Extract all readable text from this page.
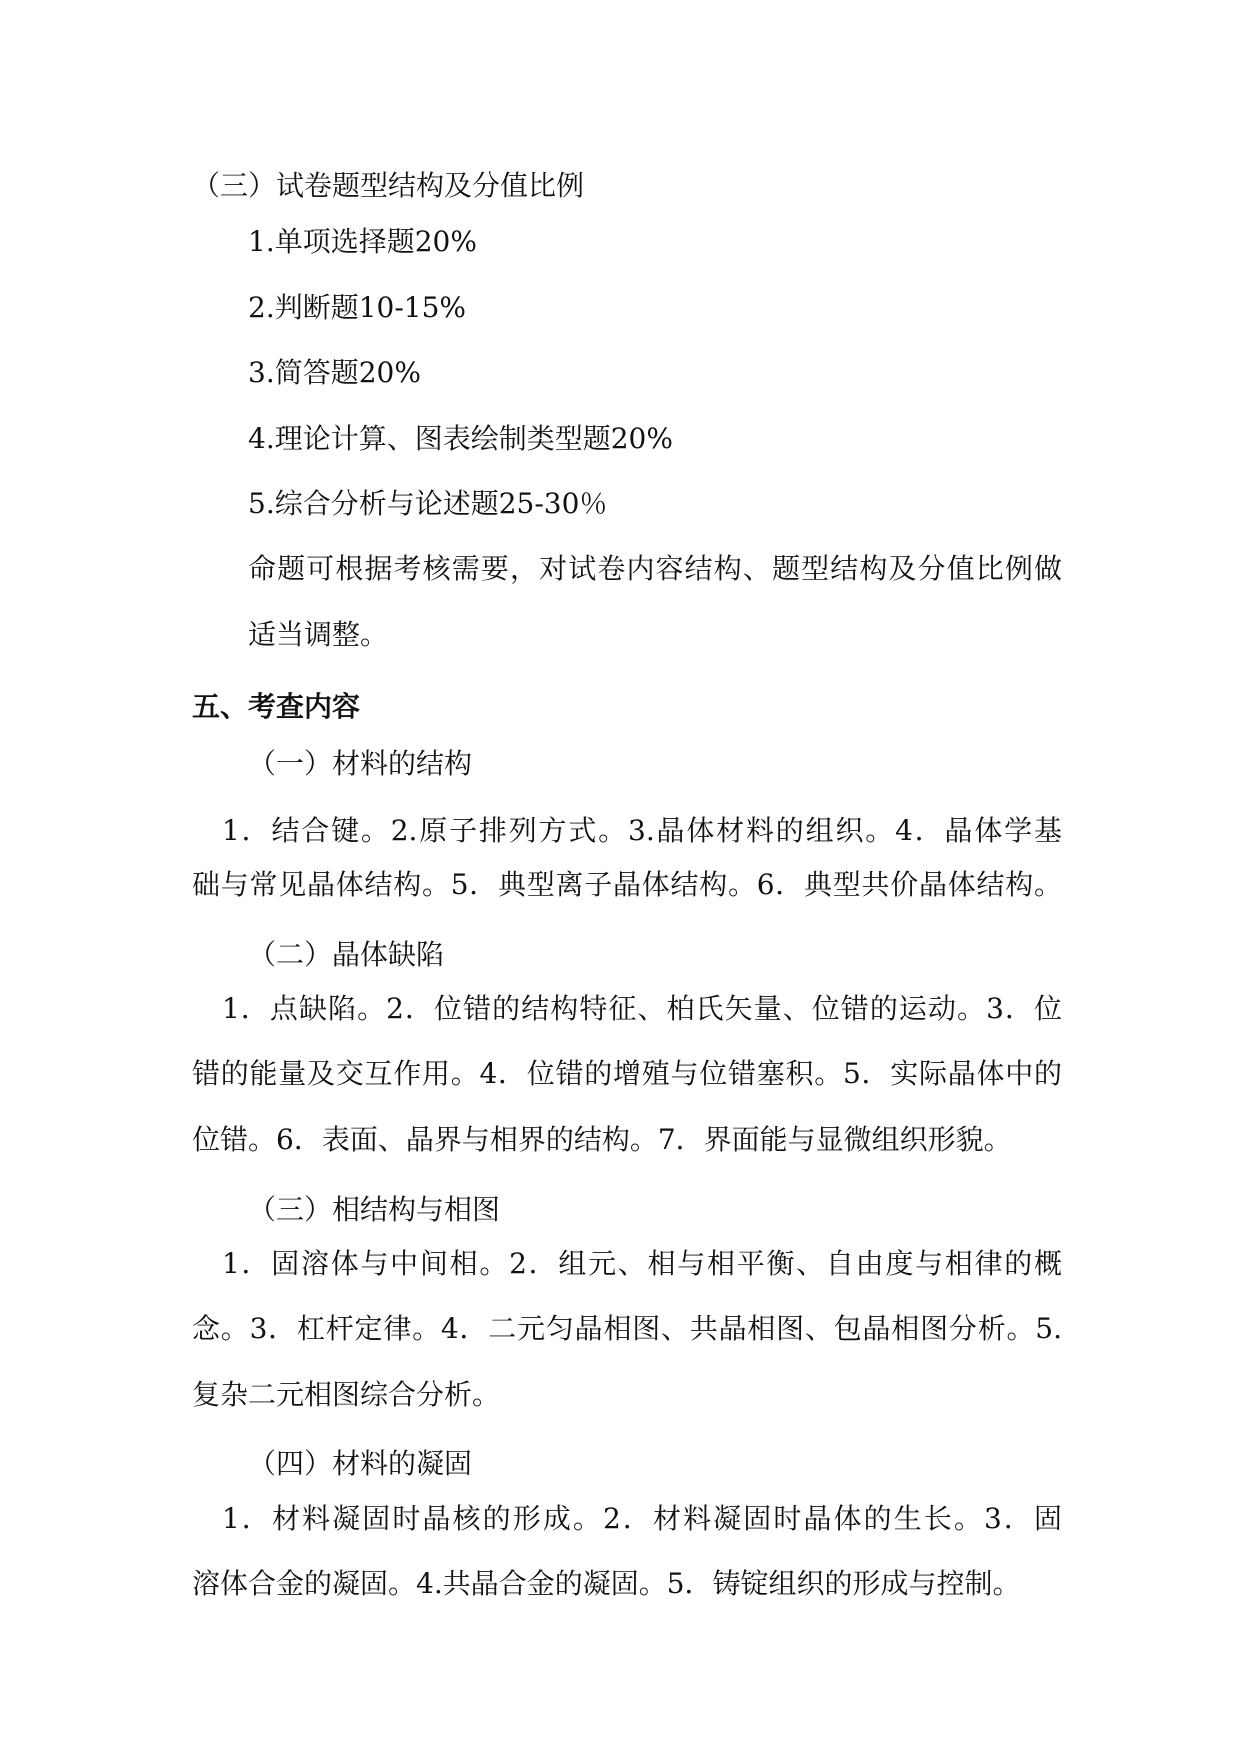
（三）试卷题型结构及分值比例
1.单项选择题20%
2.判断题10-15%
3.简答题20%
4.理论计算、图表绘制类型题20%
5.综合分析与论述题25-30％
命题可根据考核需要，对试卷内容结构、题型结构及分值比例做
适当调整。
五、考查内容
（一）材料的结构
1．结合键。2.原子排列方式。3.晶体材料的组织。4．晶体学基
础与常见晶体结构。5．典型离子晶体结构。6．典型共价晶体结构。
（二）晶体缺陷
1．点缺陷。2．位错的结构特征、柏氏矢量、位错的运动。3．位
错的能量及交互作用。4．位错的增殖与位错塞积。5．实际晶体中的
位错。6．表面、晶界与相界的结构。7．界面能与显微组织形貌。
（三）相结构与相图
1．固溶体与中间相。2．组元、相与相平衡、自由度与相律的概
念。3．杠杆定律。4．二元匀晶相图、共晶相图、包晶相图分析。5.
复杂二元相图综合分析。
（四）材料的凝固
1．材料凝固时晶核的形成。2．材料凝固时晶体的生长。3．固
溶体合金的凝固。4.共晶合金的凝固。5．铸锭组织的形成与控制。
